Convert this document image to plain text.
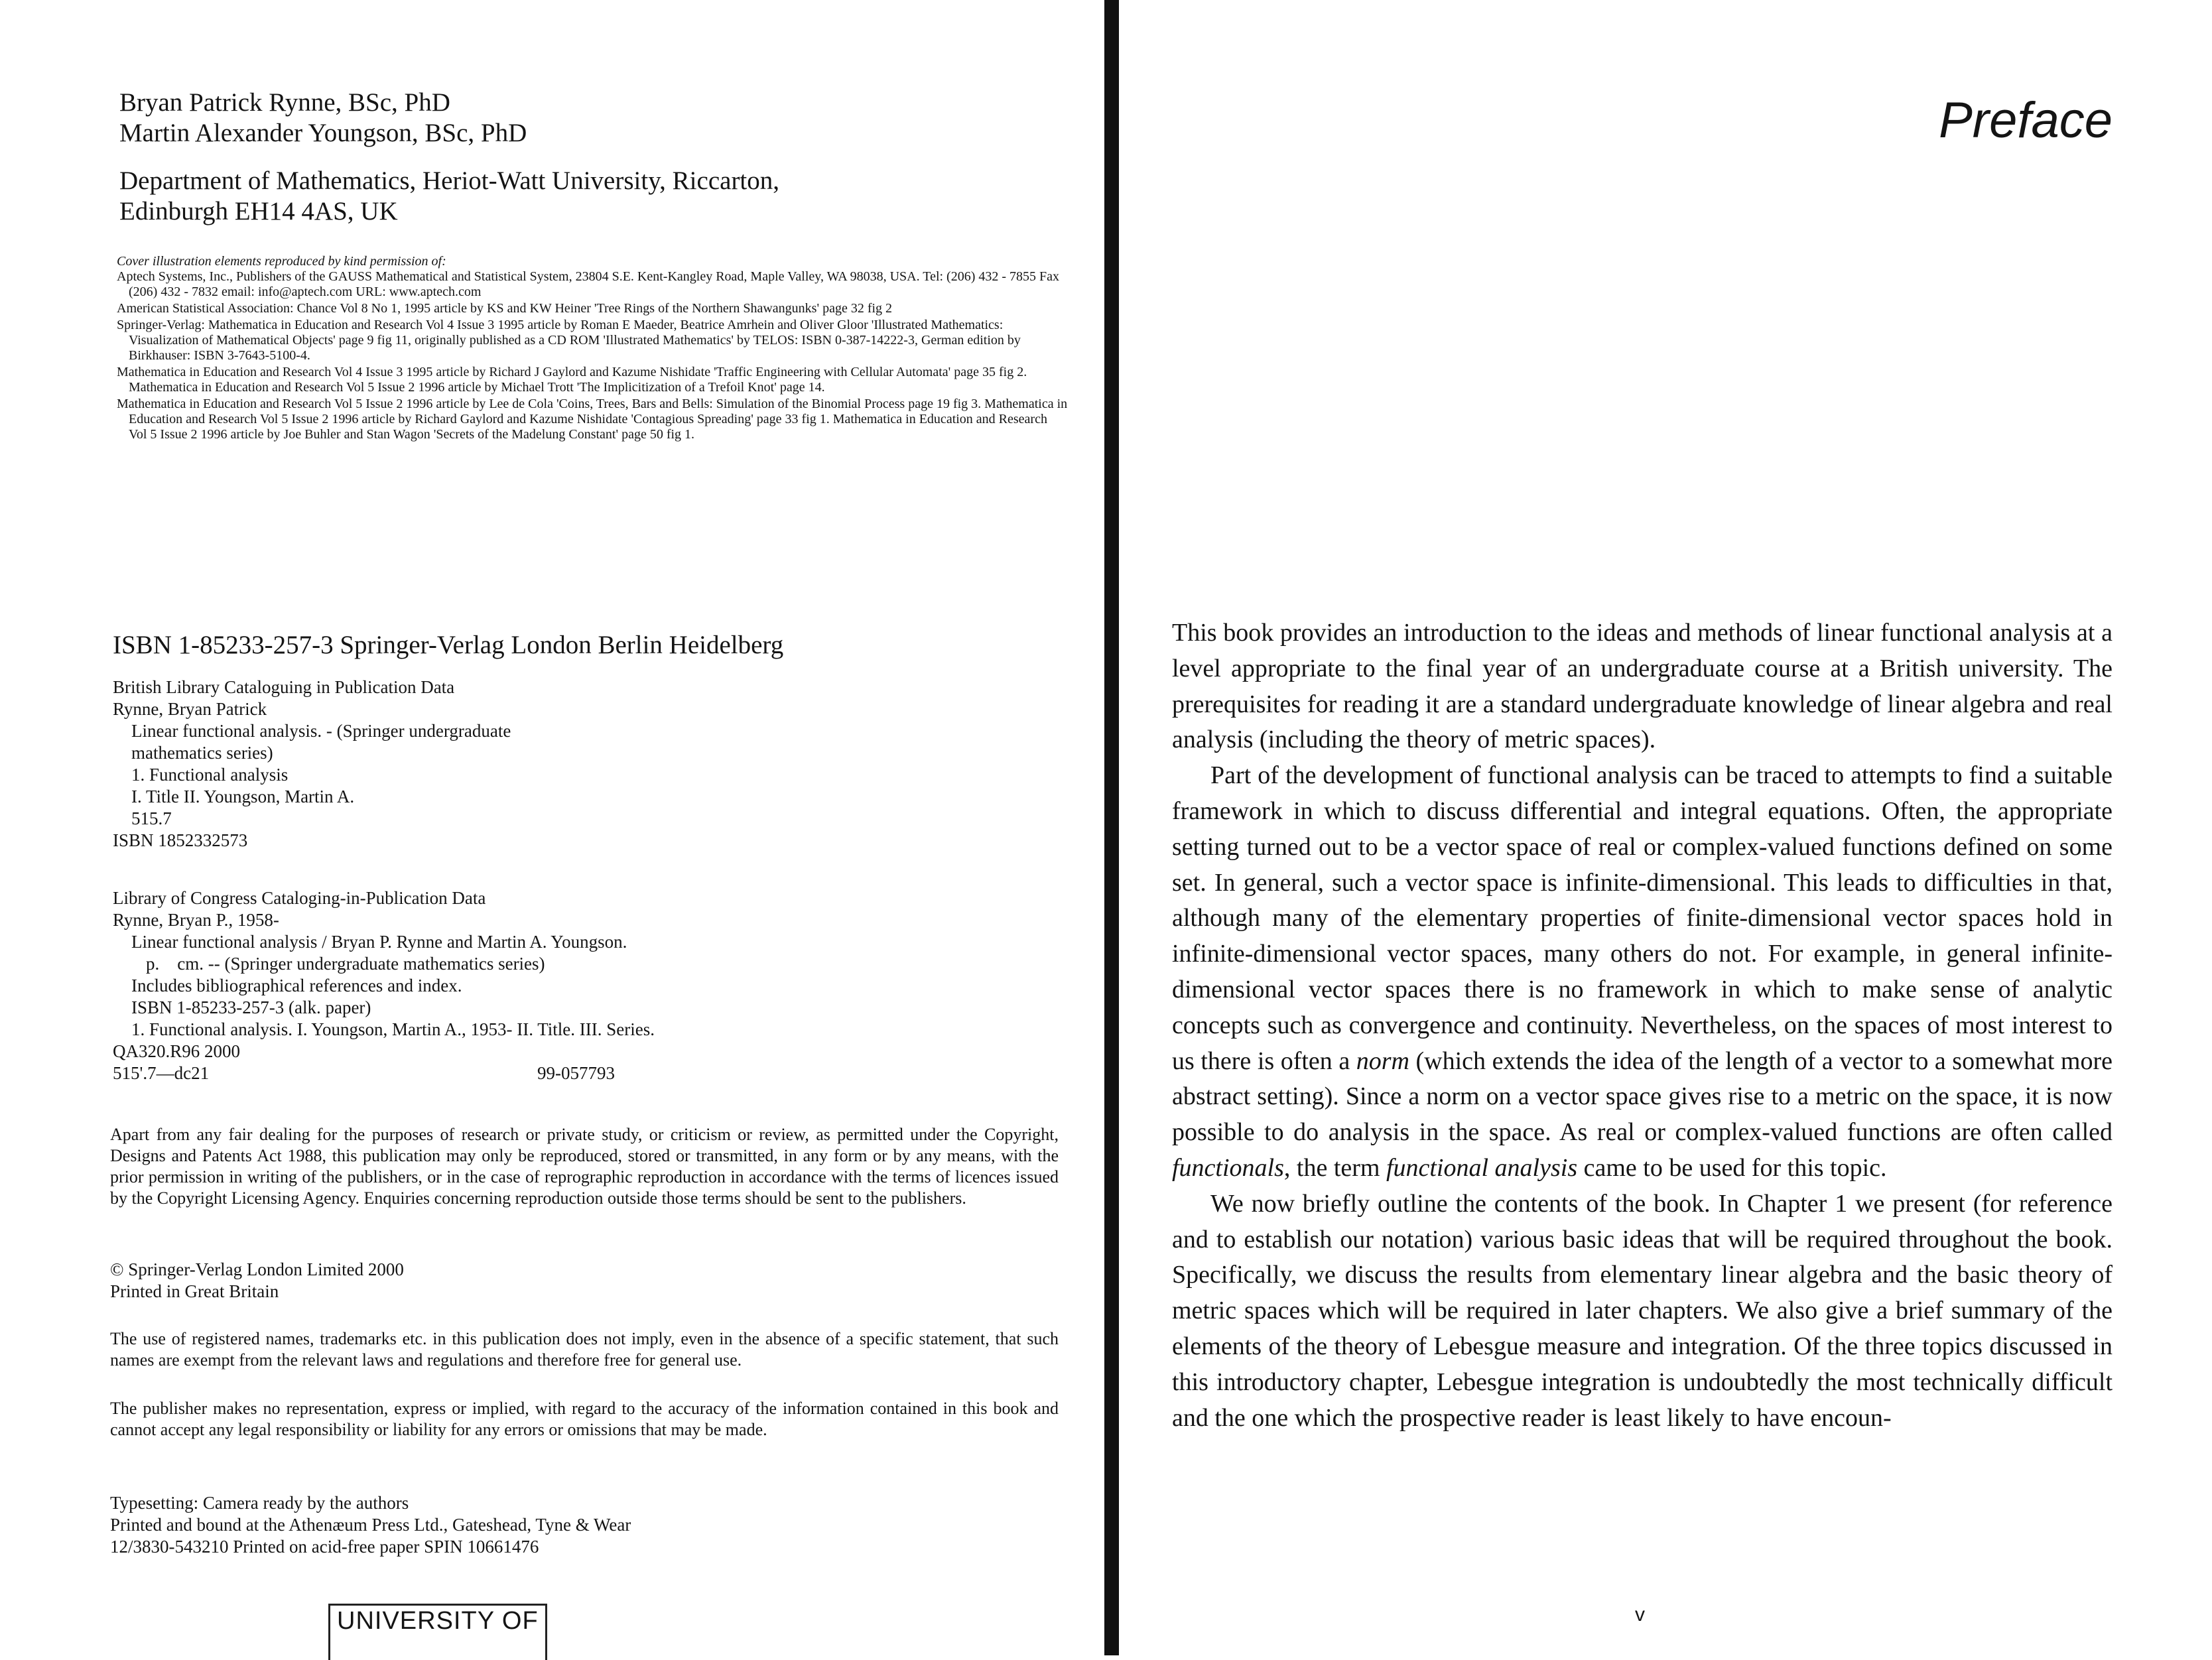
Bryan Patrick Rynne, BSc, PhD
Martin Alexander Youngson, BSc, PhD
Department of Mathematics, Heriot-Watt University, Riccarton,
Edinburgh EH14 4AS, UK
Cover illustration elements reproduced by kind permission of:

Aptech Systems, Inc., Publishers of the GAUSS Mathematical and Statistical System, 23804 S.E. Kent-Kangley Road, Maple Valley, WA 98038, USA. Tel: (206) 432 - 7855 Fax (206) 432 - 7832 email: info@aptech.com URL: www.aptech.com

American Statistical Association: Chance Vol 8 No 1, 1995 article by KS and KW Heiner 'Tree Rings of the Northern Shawangunks' page 32 fig 2

Springer-Verlag: Mathematica in Education and Research Vol 4 Issue 3 1995 article by Roman E Maeder, Beatrice Amrhein and Oliver Gloor 'Illustrated Mathematics: Visualization of Mathematical Objects' page 9 fig 11, originally published as a CD ROM 'Illustrated Mathematics' by TELOS: ISBN 0-387-14222-3, German edition by Birkhauser: ISBN 3-7643-5100-4.

Mathematica in Education and Research Vol 4 Issue 3 1995 article by Richard J Gaylord and Kazume Nishidate 'Traffic Engineering with Cellular Automata' page 35 fig 2. Mathematica in Education and Research Vol 5 Issue 2 1996 article by Michael Trott 'The Implicitization of a Trefoil Knot' page 14.

Mathematica in Education and Research Vol 5 Issue 2 1996 article by Lee de Cola 'Coins, Trees, Bars and Bells: Simulation of the Binomial Process page 19 fig 3. Mathematica in Education and Research Vol 5 Issue 2 1996 article by Richard Gaylord and Kazume Nishidate 'Contagious Spreading' page 33 fig 1. Mathematica in Education and Research Vol 5 Issue 2 1996 article by Joe Buhler and Stan Wagon 'Secrets of the Madelung Constant' page 50 fig 1.

ISBN 1-85233-257-3 Springer-Verlag London Berlin Heidelberg
British Library Cataloguing in Publication Data
Rynne, Bryan Patrick
Linear functional analysis. - (Springer undergraduate
mathematics series)
1. Functional analysis
I. Title II. Youngson, Martin A.
515.7
ISBN 1852332573
Library of Congress Cataloging-in-Publication Data
Rynne, Bryan P., 1958-
Linear functional analysis / Bryan P. Rynne and Martin A. Youngson.
p.    cm. -- (Springer undergraduate mathematics series)
Includes bibliographical references and index.
ISBN 1-85233-257-3 (alk. paper)
1. Functional analysis. I. Youngson, Martin A., 1953- II. Title. III. Series.
QA320.R96 2000
515'.7—dc21	99-057793
Apart from any fair dealing for the purposes of research or private study, or criticism or review, as permitted under the Copyright, Designs and Patents Act 1988, this publication may only be reproduced, stored or transmitted, in any form or by any means, with the prior permission in writing of the publishers, or in the case of reprographic reproduction in accordance with the terms of licences issued by the Copyright Licensing Agency. Enquiries concerning reproduction outside those terms should be sent to the publishers.
© Springer-Verlag London Limited 2000
Printed in Great Britain
The use of registered names, trademarks etc. in this publication does not imply, even in the absence of a specific statement, that such names are exempt from the relevant laws and regulations and therefore free for general use.
The publisher makes no representation, express or implied, with regard to the accuracy of the information contained in this book and cannot accept any legal responsibility or liability for any errors or omissions that may be made.
Typesetting: Camera ready by the authors
Printed and bound at the Athenæum Press Ltd., Gateshead, Tyne & Wear
12/3830-543210 Printed on acid-free paper SPIN 10661476
UNIVERSITY OF
Preface

This book provides an introduction to the ideas and methods of linear functional analysis at a level appropriate to the final year of an undergraduate course at a British university. The prerequisites for reading it are a standard undergraduate knowledge of linear algebra and real analysis (including the theory of metric spaces).

Part of the development of functional analysis can be traced to attempts to find a suitable framework in which to discuss differential and integral equations. Often, the appropriate setting turned out to be a vector space of real or complex-valued functions defined on some set. In general, such a vector space is infinite-dimensional. This leads to difficulties in that, although many of the elementary properties of finite-dimensional vector spaces hold in infinite-dimensional vector spaces, many others do not. For example, in general infinite-dimensional vector spaces there is no framework in which to make sense of analytic concepts such as convergence and continuity. Nevertheless, on the spaces of most interest to us there is often a norm (which extends the idea of the length of a vector to a somewhat more abstract setting). Since a norm on a vector space gives rise to a metric on the space, it is now possible to do analysis in the space. As real or complex-valued functions are often called functionals, the term functional analysis came to be used for this topic.

We now briefly outline the contents of the book. In Chapter 1 we present (for reference and to establish our notation) various basic ideas that will be required throughout the book. Specifically, we discuss the results from elementary linear algebra and the basic theory of metric spaces which will be required in later chapters. We also give a brief summary of the elements of the theory of Lebesgue measure and integration. Of the three topics discussed in this introductory chapter, Lebesgue integration is undoubtedly the most technically difficult and the one which the prospective reader is least likely to have encoun-

v
